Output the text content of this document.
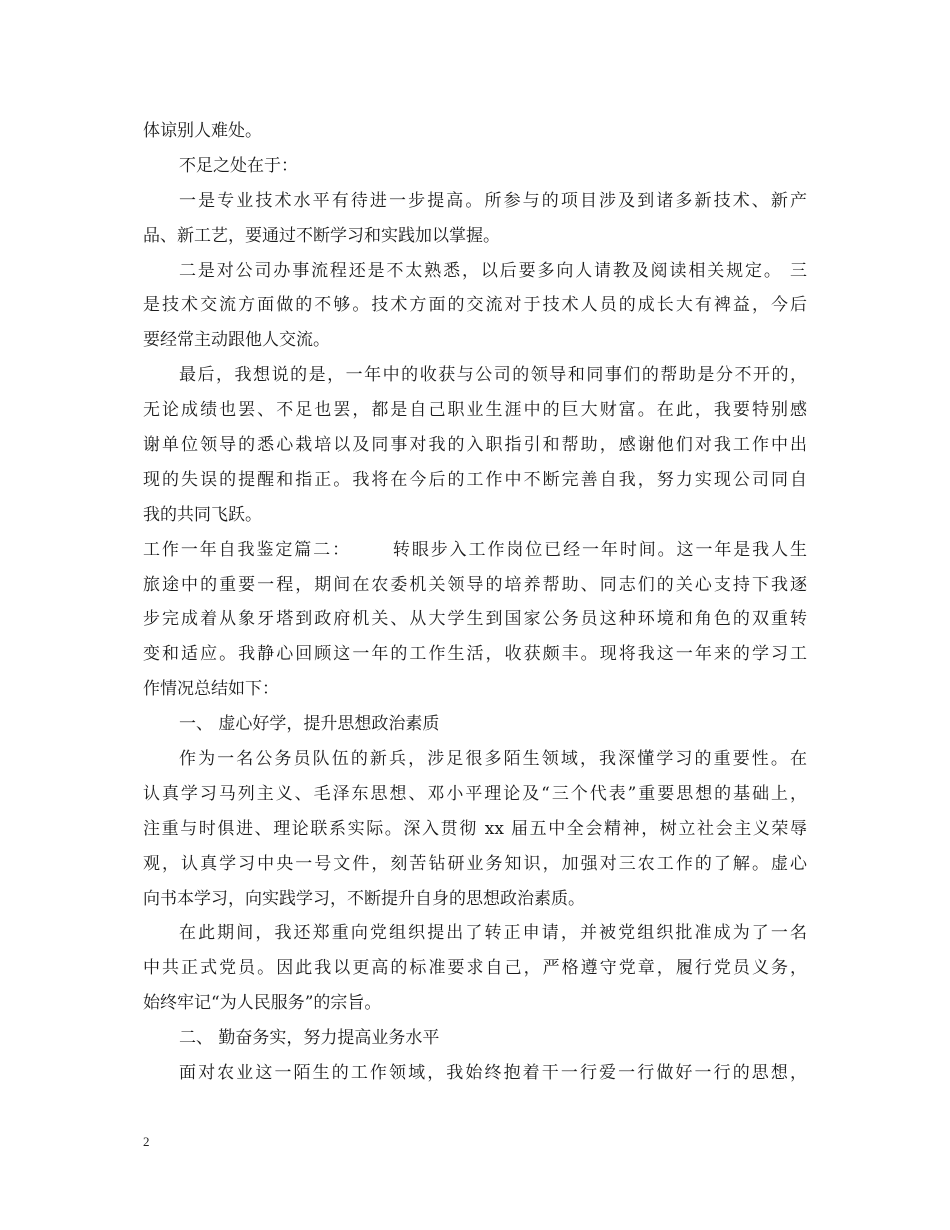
体谅别人难处。
不足之处在于：
一是专业技术水平有待进一步提高。所参与的项目涉及到诸多新技术、新产
品、新工艺，要通过不断学习和实践加以掌握。
二是对公司办事流程还是不太熟悉，以后要多向人请教及阅读相关规定。 三
是技术交流方面做的不够。技术方面的交流对于技术人员的成长大有裨益，今后
要经常主动跟他人交流。
最后，我想说的是，一年中的收获与公司的领导和同事们的帮助是分不开的，
无论成绩也罢、不足也罢，都是自己职业生涯中的巨大财富。在此，我要特别感
谢单位领导的悉心栽培以及同事对我的入职指引和帮助，感谢他们对我工作中出
现的失误的提醒和指正。我将在今后的工作中不断完善自我，努力实现公司同自
我的共同飞跃。
工作一年自我鉴定篇二： 转眼步入工作岗位已经一年时间。这一年是我人生
旅途中的重要一程，期间在农委机关领导的培养帮助、同志们的关心支持下我逐
步完成着从象牙塔到政府机关、从大学生到国家公务员这种环境和角色的双重转
变和适应。我静心回顾这一年的工作生活，收获颇丰。现将我这一年来的学习工
作情况总结如下：
一、 虚心好学，提升思想政治素质
作为一名公务员队伍的新兵，涉足很多陌生领域，我深懂学习的重要性。在
认真学习马列主义、毛泽东思想、邓小平理论及“三个代表”重要思想的基础上，
注重与时俱进、理论联系实际。深入贯彻 xx 届五中全会精神，树立社会主义荣辱
观，认真学习中央一号文件，刻苦钻研业务知识，加强对三农工作的了解。虚心
向书本学习，向实践学习，不断提升自身的思想政治素质。
在此期间，我还郑重向党组织提出了转正申请，并被党组织批准成为了一名
中共正式党员。因此我以更高的标准要求自己，严格遵守党章，履行党员义务，
始终牢记“为人民服务”的宗旨。
二、 勤奋务实，努力提高业务水平
面对农业这一陌生的工作领域，我始终抱着干一行爱一行做好一行的思想，
2
